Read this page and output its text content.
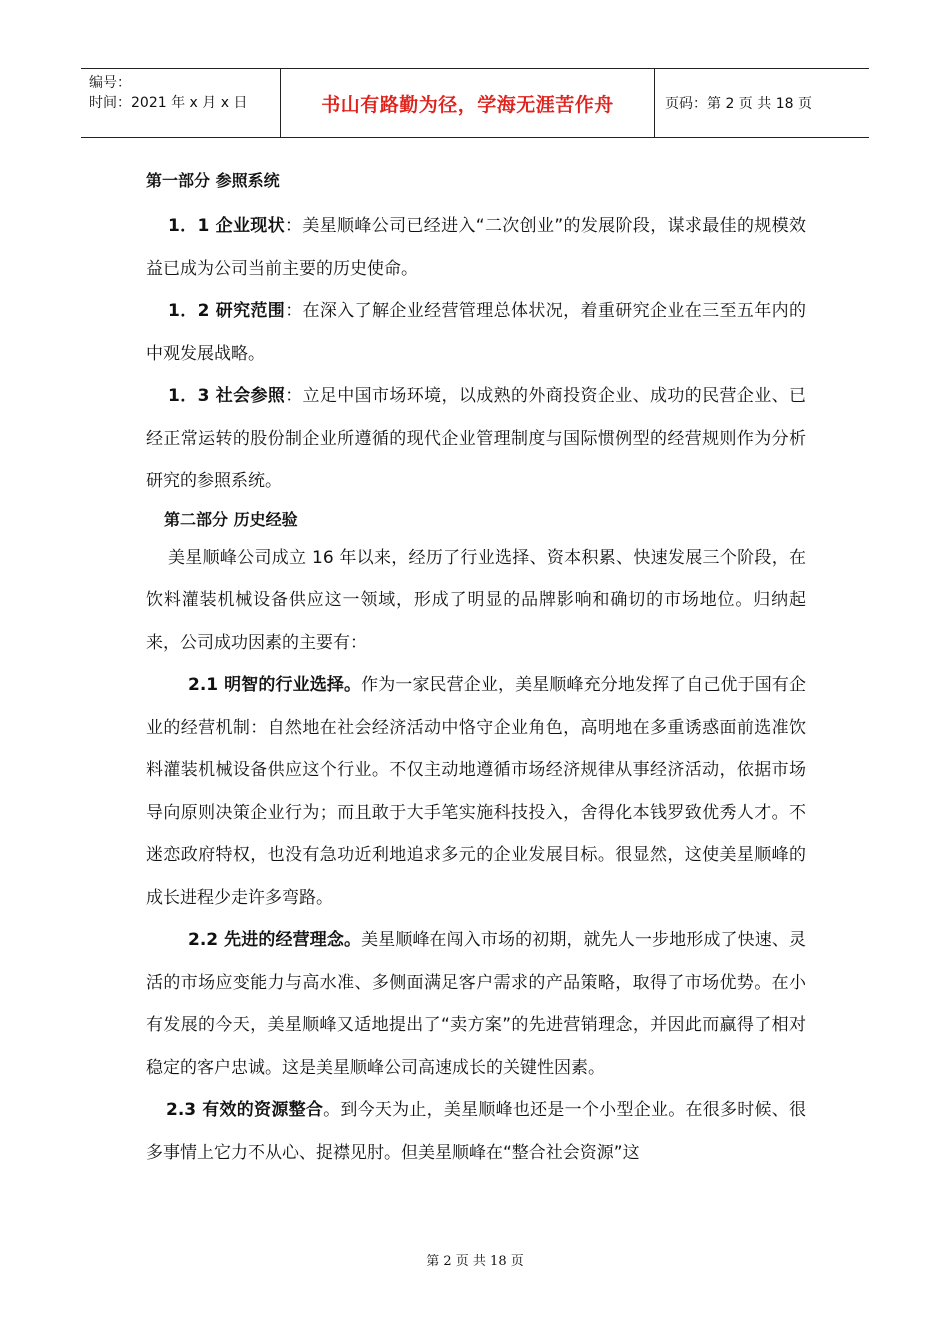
编号：
时间：2021 年 x 月 x 日	书山有路勤为径，学海无涯苦作舟	页码：第 2 页 共 18 页

第一部分 参照系统

1．1 企业现状：美星顺峰公司已经进入“二次创业”的发展阶段，谋求最佳的规模效益已成为公司当前主要的历史使命。

1．2 研究范围：在深入了解企业经营管理总体状况，着重研究企业在三至五年内的中观发展战略。

1．3 社会参照：立足中国市场环境，以成熟的外商投资企业、成功的民营企业、已经正常运转的股份制企业所遵循的现代企业管理制度与国际惯例型的经营规则作为分析研究的参照系统。

第二部分 历史经验

美星顺峰公司成立 16 年以来，经历了行业选择、资本积累、快速发展三个阶段，在饮料灌装机械设备供应这一领域，形成了明显的品牌影响和确切的市场地位。归纳起来，公司成功因素的主要有：

2.1 明智的行业选择。作为一家民营企业，美星顺峰充分地发挥了自己优于国有企业的经营机制：自然地在社会经济活动中恪守企业角色，高明地在多重诱惑面前选准饮料灌装机械设备供应这个行业。不仅主动地遵循市场经济规律从事经济活动，依据市场导向原则决策企业行为；而且敢于大手笔实施科技投入，舍得化本钱罗致优秀人才。不迷恋政府特权，也没有急功近利地追求多元的企业发展目标。很显然，这使美星顺峰的成长进程少走许多弯路。

2.2 先进的经营理念。美星顺峰在闯入市场的初期，就先人一步地形成了快速、灵活的市场应变能力与高水准、多侧面满足客户需求的产品策略，取得了市场优势。在小有发展的今天，美星顺峰又适地提出了“卖方案”的先进营销理念，并因此而赢得了相对稳定的客户忠诚。这是美星顺峰公司高速成长的关键性因素。

2.3 有效的资源整合。到今天为止，美星顺峰也还是一个小型企业。在很多时候、很多事情上它力不从心、捉襟见肘。但美星顺峰在“整合社会资源”这

第 2 页 共 18 页
